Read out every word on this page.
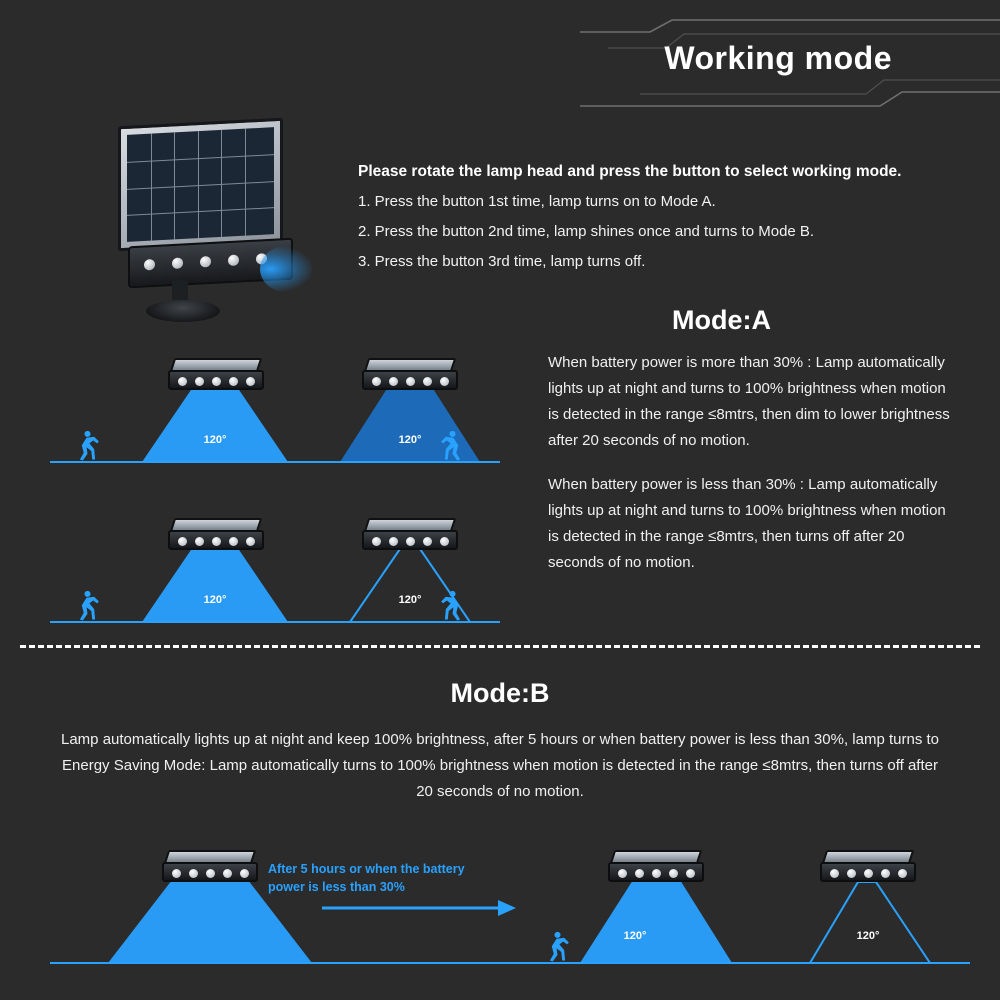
Working mode

Please rotate the lamp head and press the button to select working mode.

1. Press the button 1st time, lamp turns on to Mode A.

2. Press the button 2nd time, lamp shines once and turns to Mode B.

3. Press the button 3rd time, lamp turns off.

Mode:A

When battery power is more than 30% : Lamp automatically lights up at night and turns to 100% brightness when motion is detected in the range ≤8mtrs, then dim to lower brightness after 20 seconds of no motion.

When battery power is less than 30% : Lamp automatically lights up at night and turns to 100% brightness when motion is detected in the range ≤8mtrs, then turns off after 20 seconds of no motion.

120°	120°
120°	120°
Mode:B
Lamp automatically lights up at night and keep 100% brightness, after 5 hours or when battery power is less than 30%, lamp turns to Energy Saving Mode: Lamp automatically turns to 100% brightness when motion is detected in the range ≤8mtrs, then turns off after 20 seconds of no motion.
After 5 hours or when the battery power is less than 30%
120°	120°
